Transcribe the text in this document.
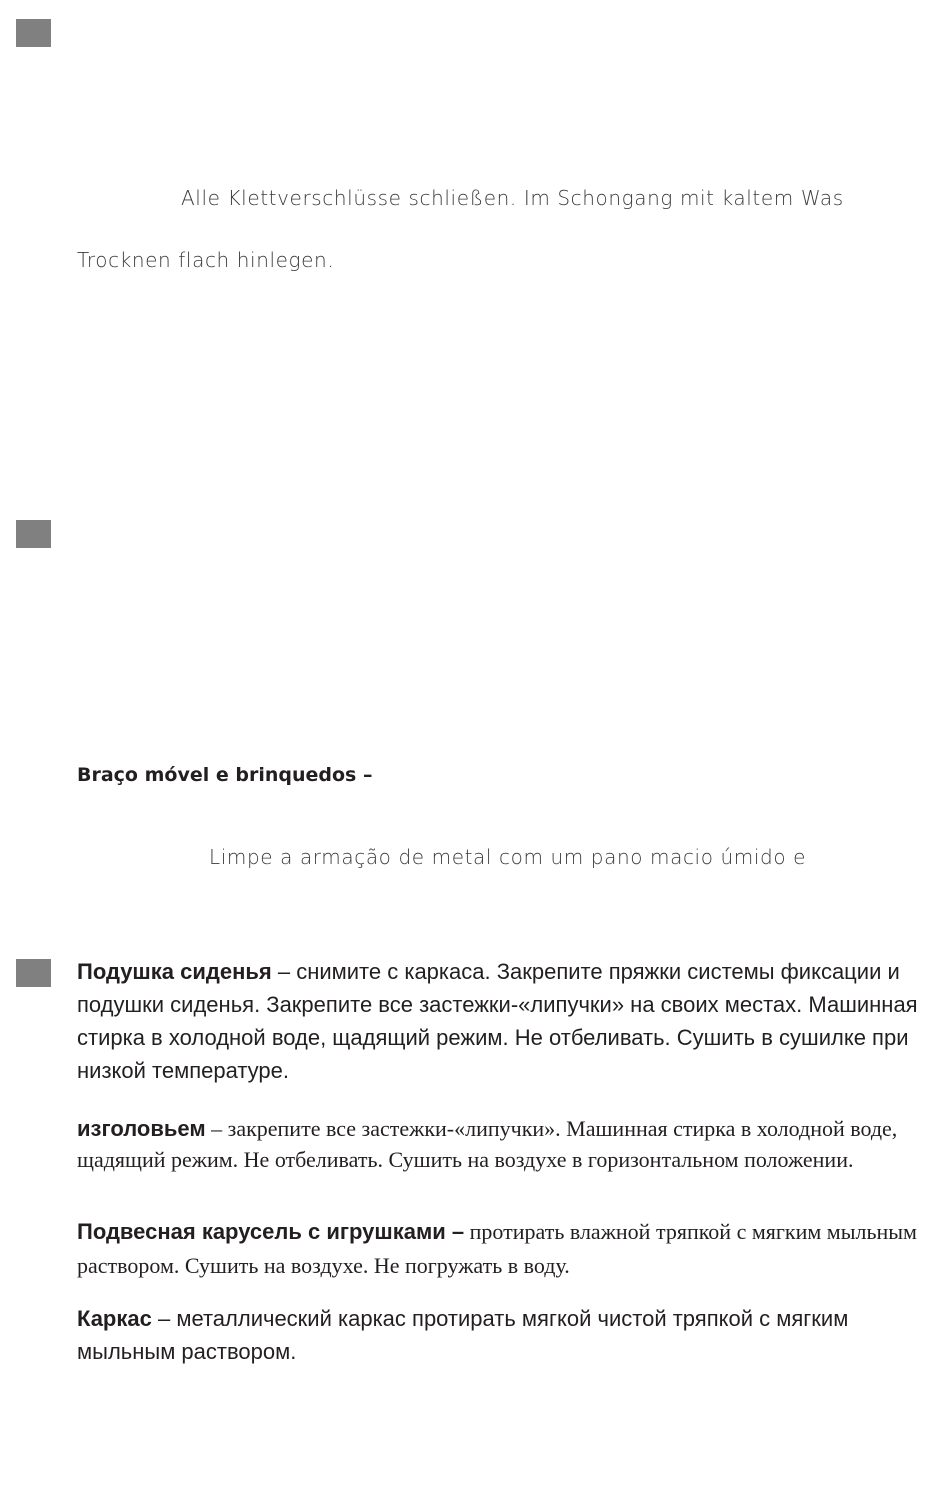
Alle Klettverschlüsse schließen. Im Schongang mit kaltem Was
Trocknen flach hinlegen.
Braço móvel e brinquedos –
Limpe a armação de metal com um pano macio úmido e
Подушка сиденья – снимите с каркаса. Закрепите пряжки системы фиксации и подушки сиденья. Закрепите все застежки-«липучки» на своих местах. Машинная стирка в холодной воде, щадящий режим. Не отбеливать. Сушить в сушилке при низкой температуре.
изголовьем – закрепите все застежки-«липучки». Машинная стирка в холодной воде, щадящий режим. Не отбеливать. Сушить на воздухе в горизонтальном положении.
Подвесная карусель с игрушками – протирать влажной тряпкой с мягким мыльным раствором. Сушить на воздухе. Не погружать в воду.
Каркас – металлический каркас протирать мягкой чистой тряпкой с мягким мыльным раствором.
